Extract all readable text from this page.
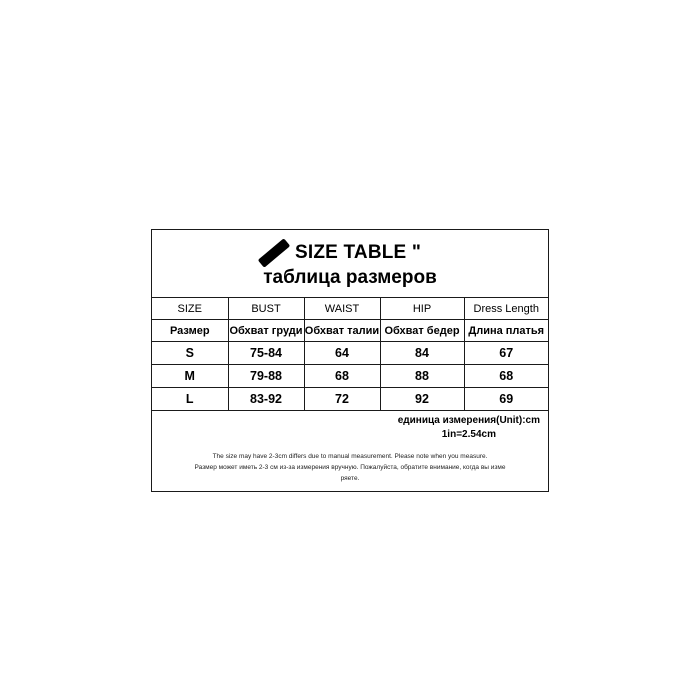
SIZE TABLE "
таблица размеров
SIZE	BUST	WAIST	HIP	Dress Length
Размер	Обхват груди	Обхват талии	Обхват бедер	Длина платья
S	75-84	64	84	67
M	79-88	68	88	68
L	83-92	72	92	69
единица измерения(Unit):cm
1in=2.54cm
The size may have 2-3cm differs due to manual measurement. Please note when you measure.
Размер может иметь 2-3 см из-за измерения вручную. Пожалуйста, обратите внимание, когда вы изме
ряете.
